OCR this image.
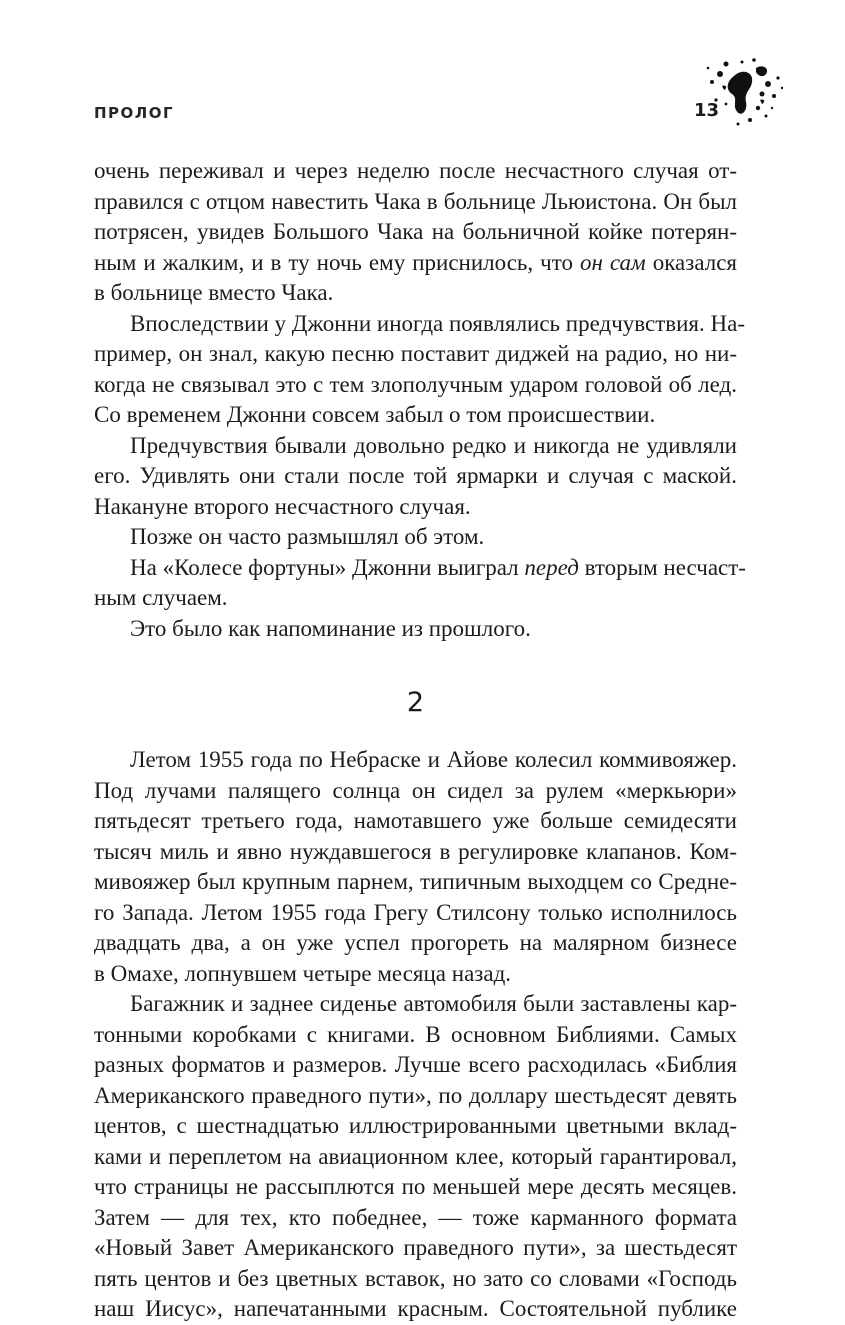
ПРОЛОГ	13
очень переживал и через неделю после несчастного случая от-
правился с отцом навестить Чака в больнице Льюистона. Он был
потрясен, увидев Большого Чака на больничной койке потерян-
ным и жалким, и в ту ночь ему приснилось, что он сам оказался
в больнице вместо Чака.
Впоследствии у Джонни иногда появлялись предчувствия. На-
пример, он знал, какую песню поставит диджей на радио, но ни-
когда не связывал это с тем злополучным ударом головой об лед.
Со временем Джонни совсем забыл о том происшествии.
Предчувствия бывали довольно редко и никогда не удивляли
его. Удивлять они стали после той ярмарки и случая с маской.
Накануне второго несчастного случая.
Позже он часто размышлял об этом.
На «Колесе фортуны» Джонни выиграл перед вторым несчаст-
ным случаем.
Это было как напоминание из прошлого.
2
Летом 1955 года по Небраске и Айове колесил коммивояжер.
Под лучами палящего солнца он сидел за рулем «меркьюри»
пятьдесят третьего года, намотавшего уже больше семидесяти
тысяч миль и явно нуждавшегося в регулировке клапанов. Ком-
мивояжер был крупным парнем, типичным выходцем со Средне-
го Запада. Летом 1955 года Грегу Стилсону только исполнилось
двадцать два, а он уже успел прогореть на малярном бизнесе
в Омахе, лопнувшем четыре месяца назад.
Багажник и заднее сиденье автомобиля были заставлены кар-
тонными коробками с книгами. В основном Библиями. Самых
разных форматов и размеров. Лучше всего расходилась «Библия
Американского праведного пути», по доллару шестьдесят девять
центов, с шестнадцатью иллюстрированными цветными вклад-
ками и переплетом на авиационном клее, который гарантировал,
что страницы не рассыплются по меньшей мере десять месяцев.
Затем — для тех, кто победнее, — тоже карманного формата
«Новый Завет Американского праведного пути», за шестьдесят
пять центов и без цветных вставок, но зато со словами «Господь
наш Иисус», напечатанными красным. Состоятельной публике
